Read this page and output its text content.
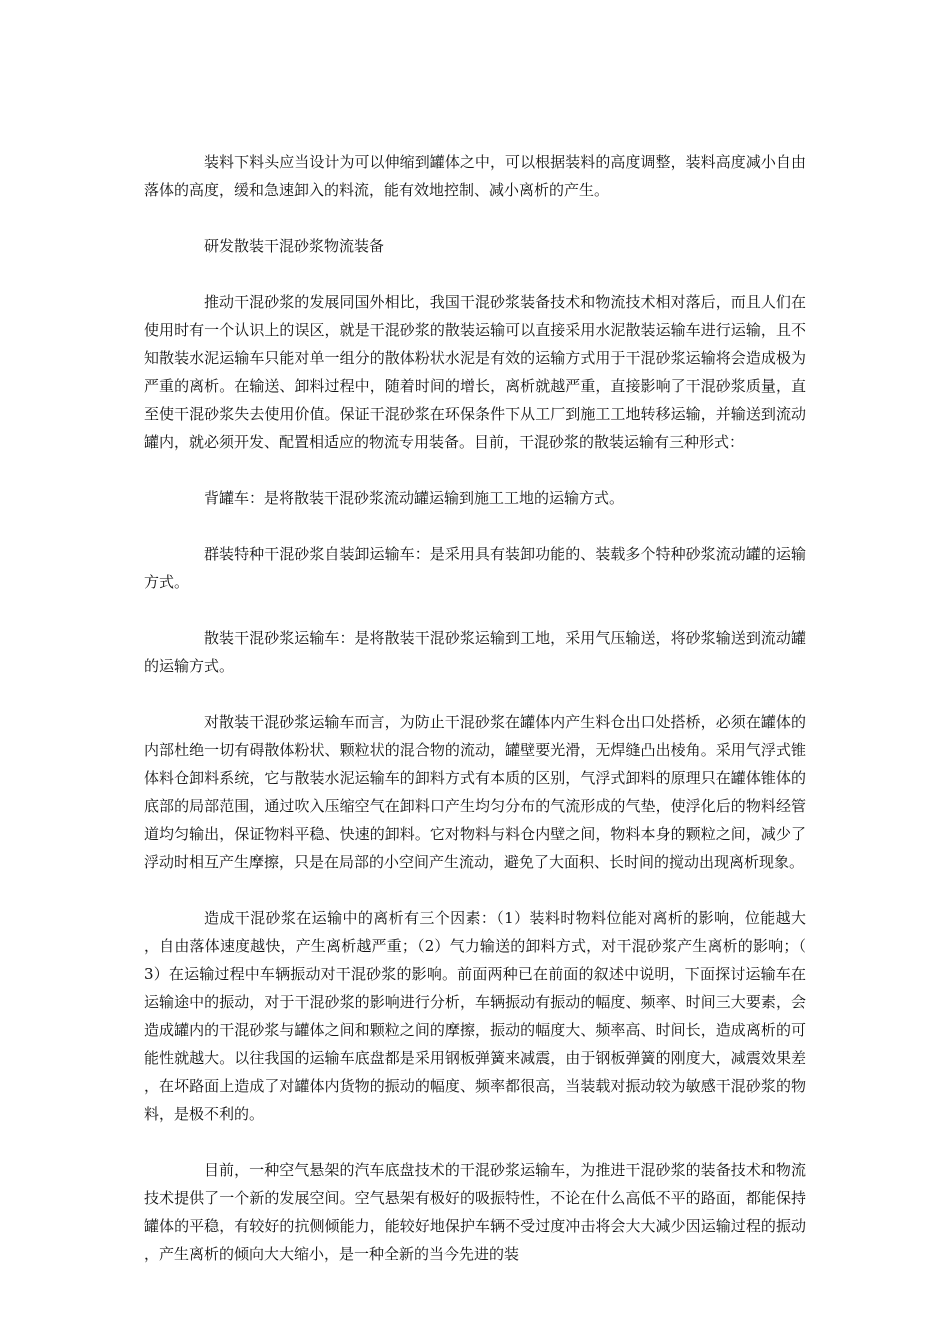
装料下料头应当设计为可以伸缩到罐体之中，可以根据装料的高度调整，装料高度减小自由落体的高度，缓和急速卸入的料流，能有效地控制、减小离析的产生。

研发散装干混砂浆物流装备

推动干混砂浆的发展同国外相比，我国干混砂浆装备技术和物流技术相对落后，而且人们在使用时有一个认识上的误区，就是干混砂浆的散装运输可以直接采用水泥散装运输车进行运输，且不知散装水泥运输车只能对单一组分的散体粉状水泥是有效的运输方式用于干混砂浆运输将会造成极为严重的离析。在输送、卸料过程中，随着时间的增长，离析就越严重，直接影响了干混砂浆质量，直至使干混砂浆失去使用价值。保证干混砂浆在环保条件下从工厂到施工工地转移运输，并输送到流动罐内，就必须开发、配置相适应的物流专用装备。目前，干混砂浆的散装运输有三种形式：

背罐车：是将散装干混砂浆流动罐运输到施工工地的运输方式。

群装特种干混砂浆自装卸运输车：是采用具有装卸功能的、装载多个特种砂浆流动罐的运输方式。

散装干混砂浆运输车：是将散装干混砂浆运输到工地，采用气压输送，将砂浆输送到流动罐的运输方式。

对散装干混砂浆运输车而言，为防止干混砂浆在罐体内产生料仓出口处搭桥，必须在罐体的内部杜绝一切有碍散体粉状、颗粒状的混合物的流动，罐壁要光滑，无焊缝凸出棱角。采用气浮式锥体料仓卸料系统，它与散装水泥运输车的卸料方式有本质的区别，气浮式卸料的原理只在罐体锥体的底部的局部范围，通过吹入压缩空气在卸料口产生均匀分布的气流形成的气垫，使浮化后的物料经管道均匀输出，保证物料平稳、快速的卸料。它对物料与料仓内壁之间，物料本身的颗粒之间，减少了浮动时相互产生摩擦，只是在局部的小空间产生流动，避免了大面积、长时间的搅动出现离析现象。

造成干混砂浆在运输中的离析有三个因素：（1）装料时物料位能对离析的影响，位能越大，自由落体速度越快，产生离析越严重；（2）气力输送的卸料方式，对干混砂浆产生离析的影响；（3）在运输过程中车辆振动对干混砂浆的影响。前面两种已在前面的叙述中说明，下面探讨运输车在运输途中的振动，对于干混砂浆的影响进行分析，车辆振动有振动的幅度、频率、时间三大要素，会造成罐内的干混砂浆与罐体之间和颗粒之间的摩擦，振动的幅度大、频率高、时间长，造成离析的可能性就越大。以往我国的运输车底盘都是采用钢板弹簧来减震，由于钢板弹簧的刚度大，减震效果差，在坏路面上造成了对罐体内货物的振动的幅度、频率都很高，当装载对振动较为敏感干混砂浆的物料，是极不利的。

目前，一种空气悬架的汽车底盘技术的干混砂浆运输车，为推进干混砂浆的装备技术和物流技术提供了一个新的发展空间。空气悬架有极好的吸振特性，不论在什么高低不平的路面，都能保持罐体的平稳，有较好的抗侧倾能力，能较好地保护车辆不受过度冲击将会大大减少因运输过程的振动，产生离析的倾向大大缩小，是一种全新的当今先进的装
